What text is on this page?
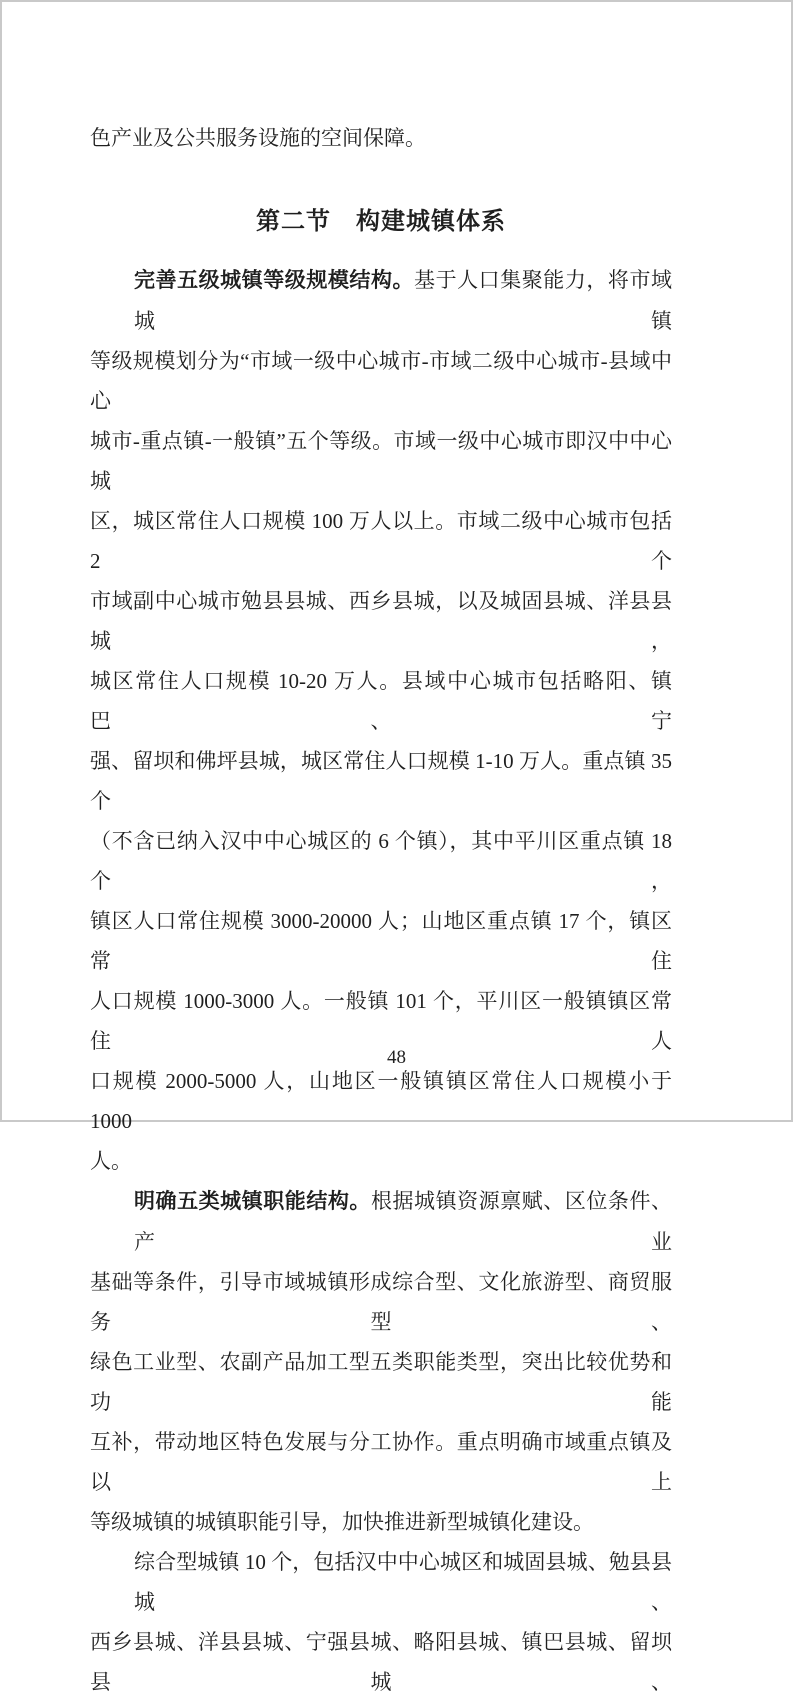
色产业及公共服务设施的空间保障。

第二节　构建城镇体系
完善五级城镇等级规模结构。基于人口集聚能力，将市域城镇
等级规模划分为“市域一级中心城市-市域二级中心城市-县域中心
城市-重点镇-一般镇”五个等级。市域一级中心城市即汉中中心城
区，城区常住人口规模 100 万人以上。市域二级中心城市包括 2 个
市域副中心城市勉县县城、西乡县城，以及城固县城、洋县县城，
城区常住人口规模 10-20 万人。县域中心城市包括略阳、镇巴、宁
强、留坝和佛坪县城，城区常住人口规模 1-10 万人。重点镇 35 个
（不含已纳入汉中中心城区的 6 个镇），其中平川区重点镇 18 个，
镇区人口常住规模 3000-20000 人；山地区重点镇 17 个，镇区常住
人口规模 1000-3000 人。一般镇 101 个，平川区一般镇镇区常住人
口规模 2000-5000 人，山地区一般镇镇区常住人口规模小于 1000
人。
明确五类城镇职能结构。根据城镇资源禀赋、区位条件、产业
基础等条件，引导市域城镇形成综合型、文化旅游型、商贸服务型、
绿色工业型、农副产品加工型五类职能类型，突出比较优势和功能
互补，带动地区特色发展与分工协作。重点明确市域重点镇及以上
等级城镇的城镇职能引导，加快推进新型城镇化建设。
综合型城镇 10 个，包括汉中中心城区和城固县城、勉县县城、
西乡县城、洋县县城、宁强县城、略阳县城、镇巴县城、留坝县城、
48
